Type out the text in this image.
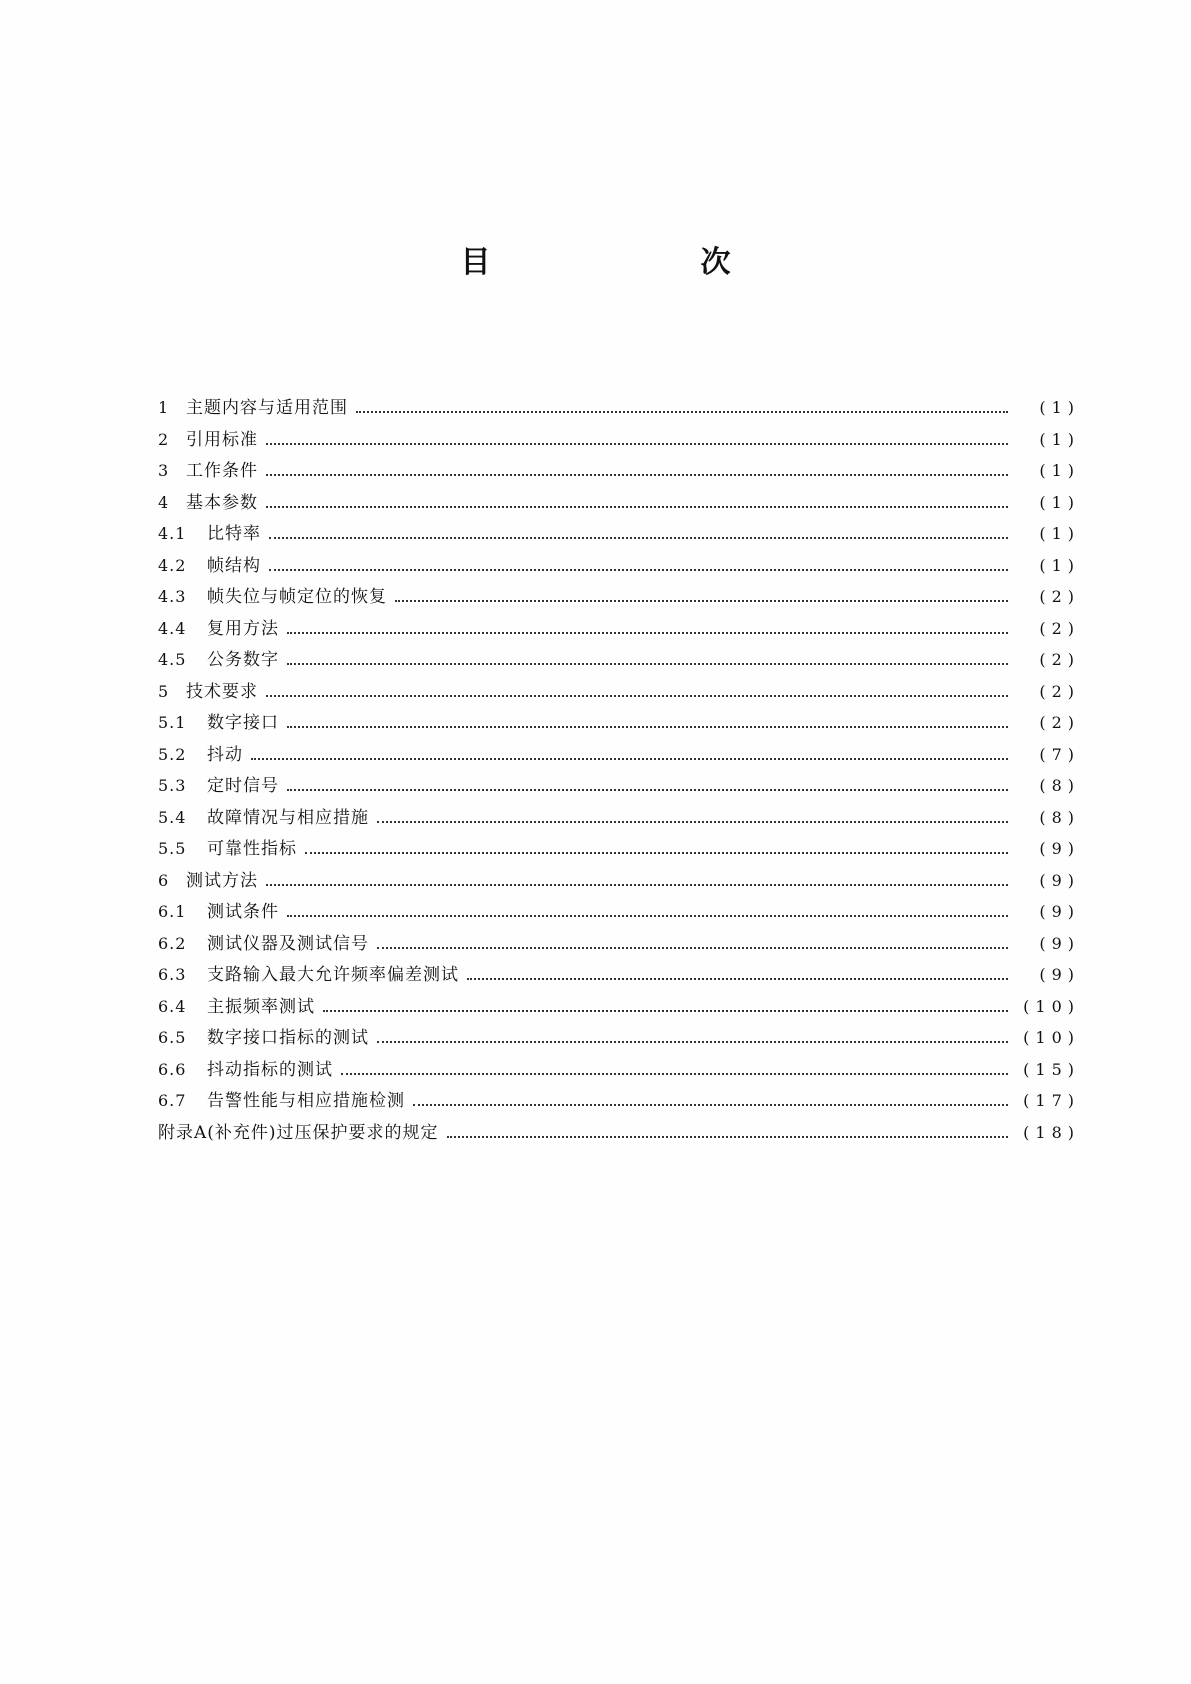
目　次
1 主题内容与适用范围	(1)
2 引用标准	(1)
3 工作条件	(1)
4 基本参数	(1)
4.1	比特率	(1)
4.2	帧结构	(1)
4.3	帧失位与帧定位的恢复	(2)
4.4	复用方法	(2)
4.5	公务数字	(2)
5 技术要求	(2)
5.1	数字接口	(2)
5.2	抖动	(7)
5.3	定时信号	(8)
5.4	故障情况与相应措施	(8)
5.5	可靠性指标	(9)
6 测试方法	(9)
6.1	测试条件	(9)
6.2	测试仪器及测试信号	(9)
6.3	支路输入最大允许频率偏差测试	(9)
6.4	主振频率测试	(10)
6.5	数字接口指标的测试	(10)
6.6	抖动指标的测试	(15)
6.7	告警性能与相应措施检测	(17)
附录A(补充件)过压保护要求的规定	(18)
